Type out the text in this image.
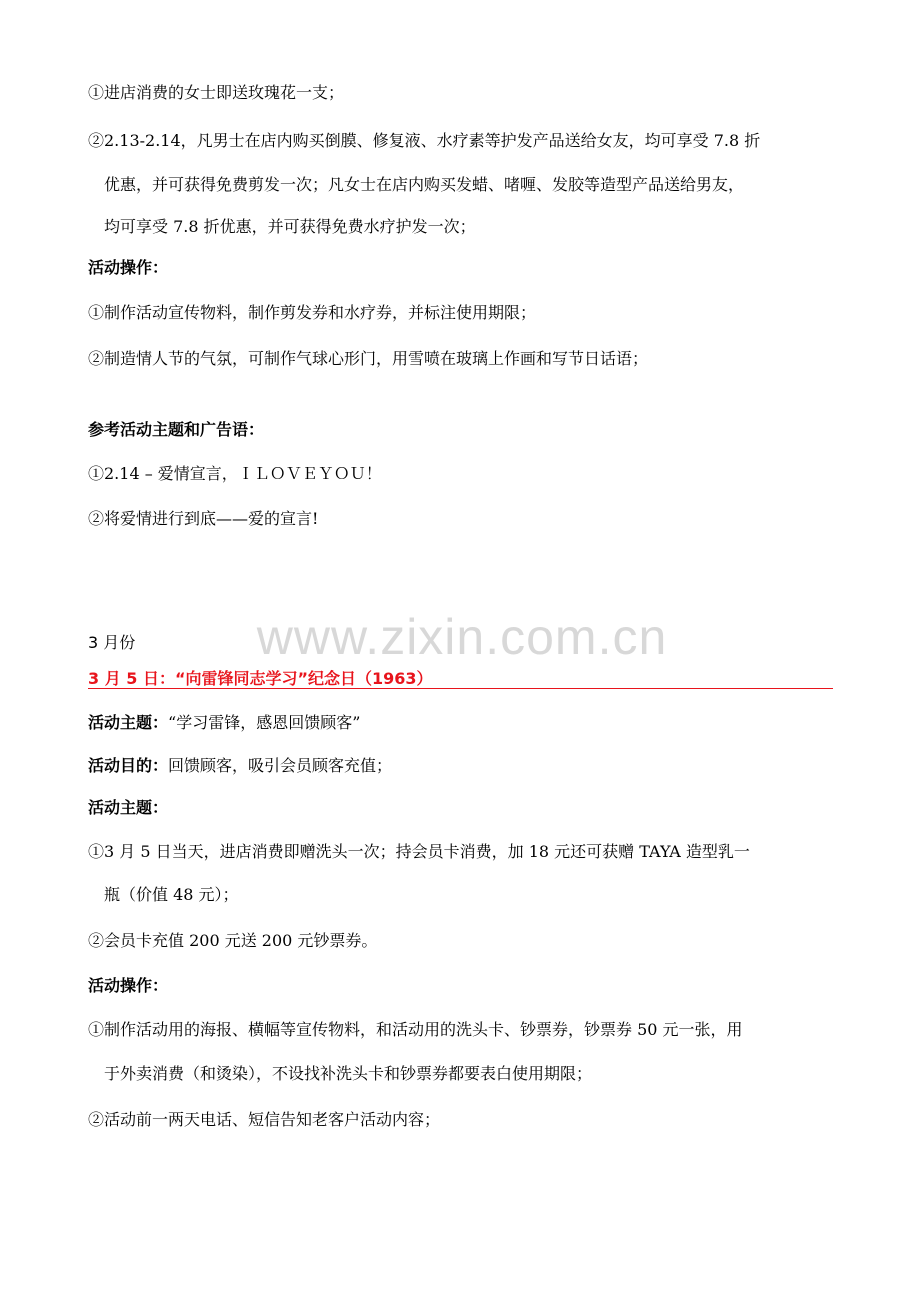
www.zixin.com.cn
①进店消费的女士即送玫瑰花一支；
②2.13-2.14，凡男士在店内购买倒膜、修复液、水疗素等护发产品送给女友，均可享受 7.8 折
优惠，并可获得免费剪发一次；凡女士在店内购买发蜡、啫喱、发胶等造型产品送给男友，
均可享受 7.8 折优惠，并可获得免费水疗护发一次；
活动操作：
①制作活动宣传物料，制作剪发券和水疗券，并标注使用期限；
②制造情人节的气氛，可制作气球心形门，用雪喷在玻璃上作画和写节日话语；
参考活动主题和广告语：
①2.14 – 爱情宣言，ＩＬＯＶＥＹＯＵ！
②将爱情进行到底——爱的宣言!
3 月份
3 月 5 日：“向雷锋同志学习”纪念日（1963）
活动主题：“学习雷锋，感恩回馈顾客”
活动目的：回馈顾客，吸引会员顾客充值；
活动主题：
①3 月 5 日当天，进店消费即赠洗头一次；持会员卡消费，加 18 元还可获赠 TAYA 造型乳一
瓶（价值 48 元）；
②会员卡充值 200 元送 200 元钞票券。
活动操作：
①制作活动用的海报、横幅等宣传物料，和活动用的洗头卡、钞票券，钞票券 50 元一张，用
于外卖消费（和烫染），不设找补洗头卡和钞票券都要表白使用期限；
②活动前一两天电话、短信告知老客户活动内容；
